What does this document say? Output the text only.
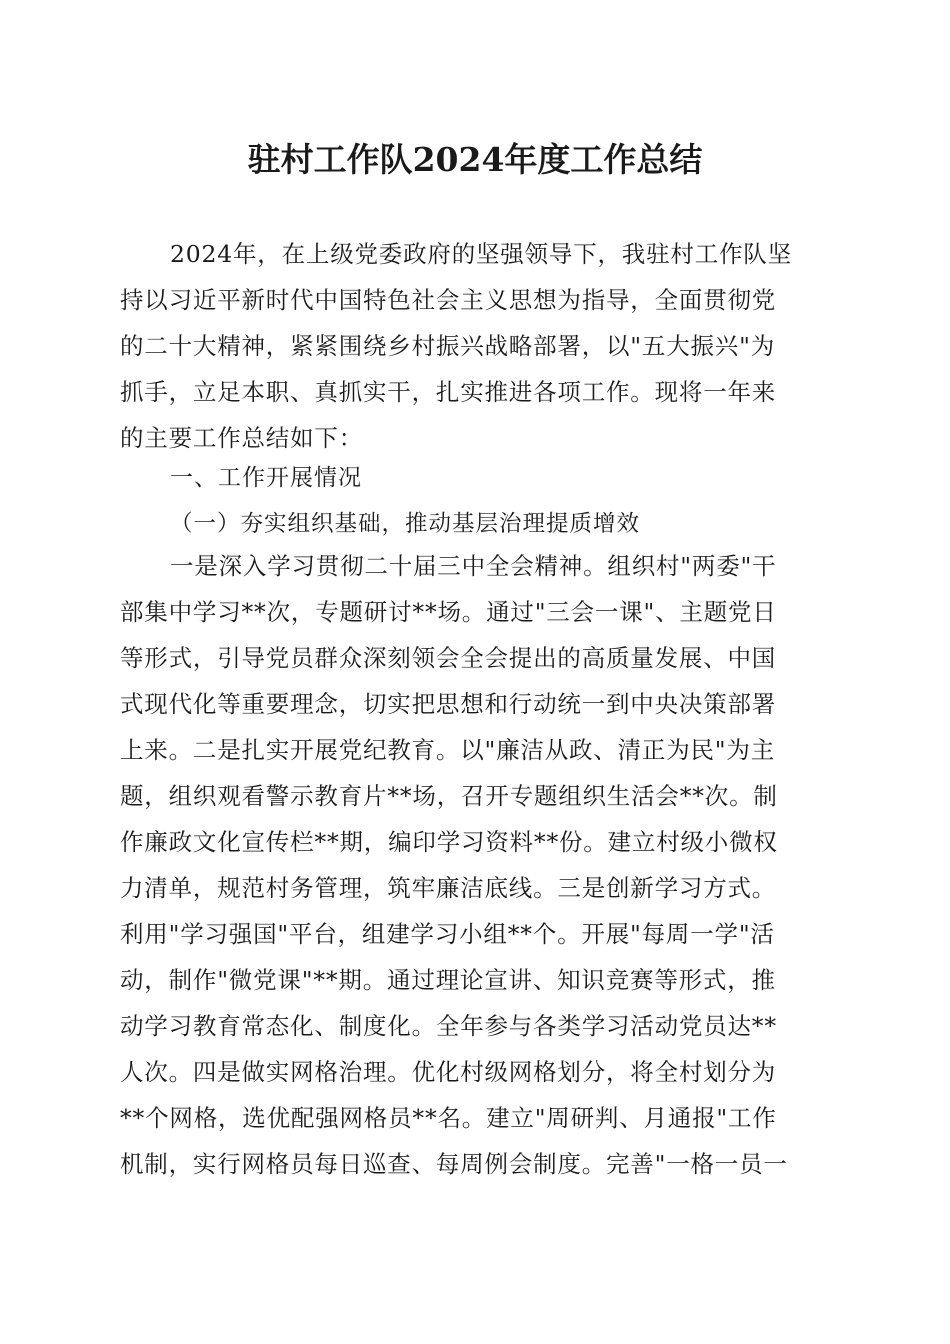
驻村工作队2024年度工作总结
2024年，在上级党委政府的坚强领导下，我驻村工作队坚
持以习近平新时代中国特色社会主义思想为指导，全面贯彻党
的二十大精神，紧紧围绕乡村振兴战略部署，以"五大振兴"为
抓手，立足本职、真抓实干，扎实推进各项工作。现将一年来
的主要工作总结如下：
一、工作开展情况
（一）夯实组织基础，推动基层治理提质增效
一是深入学习贯彻二十届三中全会精神。组织村"两委"干
部集中学习**次，专题研讨**场。通过"三会一课"、主题党日
等形式，引导党员群众深刻领会全会提出的高质量发展、中国
式现代化等重要理念，切实把思想和行动统一到中央决策部署
上来。二是扎实开展党纪教育。以"廉洁从政、清正为民"为主
题，组织观看警示教育片**场，召开专题组织生活会**次。制
作廉政文化宣传栏**期，编印学习资料**份。建立村级小微权
力清单，规范村务管理，筑牢廉洁底线。三是创新学习方式。
利用"学习强国"平台，组建学习小组**个。开展"每周一学"活
动，制作"微党课"**期。通过理论宣讲、知识竞赛等形式，推
动学习教育常态化、制度化。全年参与各类学习活动党员达**
人次。四是做实网格治理。优化村级网格划分，将全村划分为
**个网格，选优配强网格员**名。建立"周研判、月通报"工作
机制，实行网格员每日巡查、每周例会制度。完善"一格一员一
